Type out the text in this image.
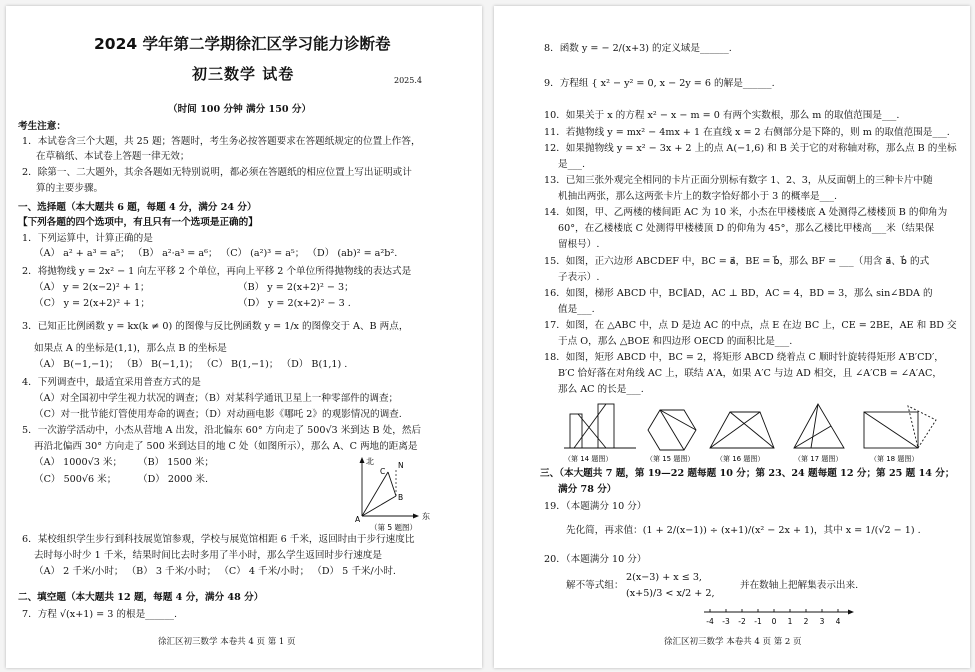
2024 学年第二学期徐汇区学习能力诊断卷
初三数学 试卷	2025.4
（时间 100 分钟 满分 150 分）
考生注意：
1．本试卷含三个大题，共 25 题；答题时，考生务必按答题要求在答题纸规定的位置上作答，
在草稿纸、本试卷上答题一律无效；
2．除第一、二大题外，其余各题如无特别说明，都必须在答题纸的相应位置上写出证明或计
算的主要步骤。
一、选择题（本大题共 6 题，每题 4 分，满分 24 分）
【下列各题的四个选项中，有且只有一个选项是正确的】
1．下列运算中，计算正确的是
（A） a² + a³ = a⁵； （B） a²·a³ = a⁶； （C） (a²)³ = a⁵； （D） (ab)² = a²b².
2．将抛物线 y = 2x² − 1 向左平移 2 个单位，再向上平移 2 个单位所得抛物线的表达式是
（A） y = 2(x−2)² + 1；	（B） y = 2(x+2)² − 3；
（C） y = 2(x+2)² + 1；	（D） y = 2(x+2)² − 3 .
3．已知正比例函数 y = kx(k ≠ 0) 的图像与反比例函数 y = 1/x 的图像交于 A、B 两点，
如果点 A 的坐标是(1,1)，那么点 B 的坐标是
（A） B(−1,−1)； （B） B(−1,1)； （C） B(1,−1)； （D） B(1,1) .
4．下列调查中，最适宜采用普查方式的是
（A）对全国初中学生视力状况的调查；（B）对某科学通讯卫星上一种零部件的调查；
（C）对一批节能灯管使用寿命的调查；（D）对动画电影《哪吒 2》的观影情况的调查.
5．一次游学活动中，小杰从营地 A 出发，沿北偏东 60° 方向走了 500√3 米到达 B 处，然后
再沿北偏西 30° 方向走了 500 米到达目的地 C 处（如图所示），那么 A、C 两地的距离是
（A） 1000√3 米； （B） 1500 米；
（C） 500√6 米； （D） 2000 米.
北
东
N
C
B
A
（第 5 题图）
6．某校组织学生步行到科技展览馆参观，学校与展览馆相距 6 千米，返回时由于步行速度比
去时每小时少 1 千米，结果时间比去时多用了半小时，那么学生返回时步行速度是
（A） 2 千米/小时； （B） 3 千米/小时； （C） 4 千米/小时； （D） 5 千米/小时.
二、填空题（本大题共 12 题，每题 4 分，满分 48 分）
7．方程 √(x+1) = 3 的根是______.
徐汇区初三数学 本卷共 4 页 第 1 页
8．函数 y = − 2/(x+3) 的定义域是______.
9．方程组 { x² − y² = 0, x − 2y = 6 的解是______.
10．如果关于 x 的方程 x² − x − m = 0 有两个实数根，那么 m 的取值范围是___.
11．若抛物线 y = mx² − 4mx + 1 在直线 x = 2 右侧部分是下降的，则 m 的取值范围是___.
12．如果抛物线 y = x² − 3x + 2 上的点 A(−1,6) 和 B 关于它的对称轴对称，那么点 B 的坐标
是___.
13．已知三张外观完全相同的卡片正面分别标有数字 1、2、3，从反面朝上的三种卡片中随
机抽出两张，那么这两张卡片上的数字恰好都小于 3 的概率是___.
14．如图，甲、乙两楼的楼间距 AC 为 10 米，小杰在甲楼楼底 A 处测得乙楼楼顶 B 的仰角为
60°，在乙楼楼底 C 处测得甲楼楼顶 D 的仰角为 45°，那么乙楼比甲楼高___米（结果保
留根号）.
15．如图，正六边形 ABCDEF 中，BC = a⃗，BE = b⃗，那么 BF = ___（用含 a⃗、b⃗ 的式
子表示）.
16．如图，梯形 ABCD 中，BC∥AD，AC ⊥ BD，AC = 4，BD = 3，那么 sin∠BDA 的
值是___.
17．如图，在 △ABC 中，点 D 是边 AC 的中点，点 E 在边 BC 上，CE = 2BE，AE 和 BD 交
于点 O，那么 △BOE 和四边形 OECD 的面积比是___.
18．如图，矩形 ABCD 中，BC = 2，将矩形 ABCD 绕着点 C 顺时针旋转得矩形 A′B′CD′，
B′C 恰好落在对角线 AC 上，联结 A′A，如果 A′C 与边 AD 相交，且 ∠A′CB = ∠A′AC，
那么 AC 的长是___.
（第 14 题图）	（第 15 题图）	（第 16 题图）	（第 17 题图）	（第 18 题图）
三、（本大题共 7 题，第 19—22 题每题 10 分；第 23、24 题每题 12 分；第 25 题 14 分；
满分 78 分）
19．（本题满分 10 分）
先化简，再求值：(1 + 2/(x−1)) ÷ (x+1)/(x² − 2x + 1)，其中 x = 1/(√2 − 1) .
20．（本题满分 10 分）
解不等式组：
2(x−3) + x ≤ 3,
(x+5)/3 < x/2 + 2,
并在数轴上把解集表示出来.
-4 -3 -2 -1 0 1 2 3 4
徐汇区初三数学 本卷共 4 页 第 2 页
